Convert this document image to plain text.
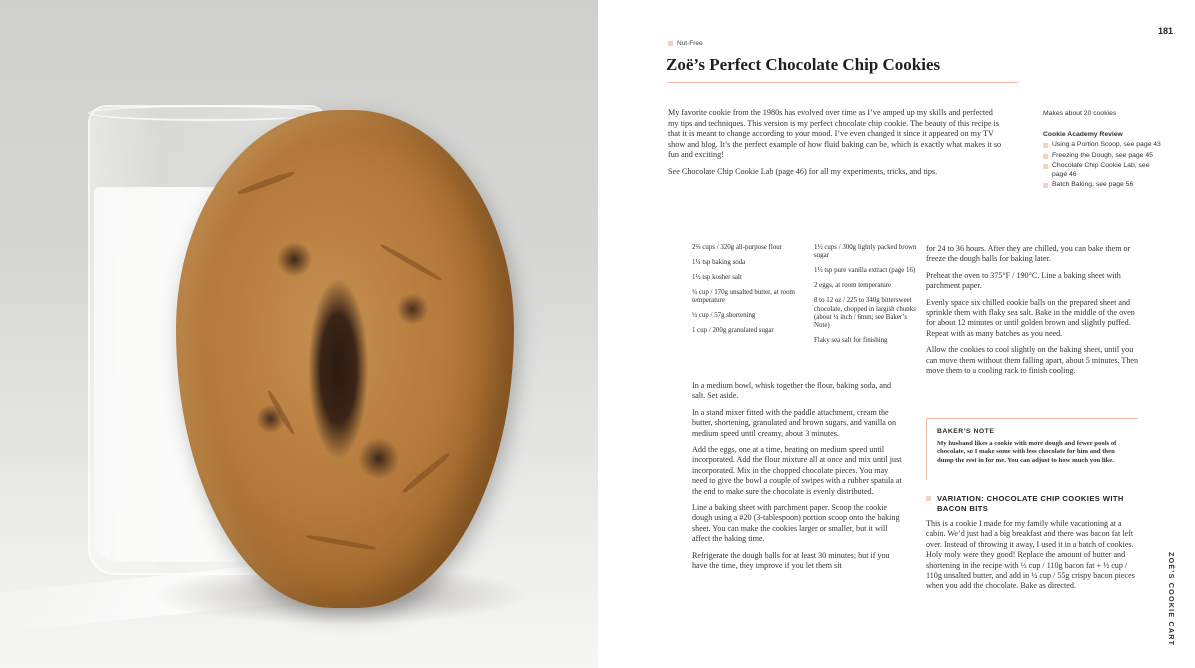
181
Nut-Free
Zoë’s Perfect Chocolate Chip Cookies

My favorite cookie from the 1980s has evolved over time as I’ve amped up my skills and perfected my tips and techniques. This version is my perfect chocolate chip cookie. The beauty of this recipe is that it is meant to change according to your mood. I’ve even changed it since it appeared on my TV show and blog. It’s the perfect example of how fluid baking can be, which is exactly what makes it so fun and exciting!

See Chocolate Chip Cookie Lab (page 46) for all my experiments, tricks, and tips.

Makes about 20 cookies

Cookie Academy Review

Using a Portion Scoop, see page 43
Freezing the Dough, see page 45
Chocolate Chip Cookie Lab, see page 46
Batch Baking, see page 56

2⅔ cups / 320g all-purpose flour

1¼ tsp baking soda

1½ tsp kosher salt

¾ cup / 170g unsalted butter, at room temperature

¼ cup / 57g shortening

1 cup / 200g granulated sugar

1½ cups / 300g lightly packed brown sugar

1½ tsp pure vanilla extract (page 16)

2 eggs, at room temperature

8 to 12 oz / 225 to 340g bittersweet chocolate, chopped in largish chunks (about ¼ inch / 6mm; see Baker’s Note)

Flaky sea salt for finishing

In a medium bowl, whisk together the flour, baking soda, and salt. Set aside.

In a stand mixer fitted with the paddle attachment, cream the butter, shortening, granulated and brown sugars, and vanilla on medium speed until creamy, about 3 minutes.

Add the eggs, one at a time, beating on medium speed until incorporated. Add the flour mixture all at once and mix until just incorporated. Mix in the chopped chocolate pieces. You may need to give the bowl a couple of swipes with a rubber spatula at the end to make sure the chocolate is evenly distributed.

Line a baking sheet with parchment paper. Scoop the cookie dough using a #20 (3-tablespoon) portion scoop onto the baking sheet. You can make the cookies larger or smaller, but it will affect the baking time.

Refrigerate the dough balls for at least 30 minutes; but if you have the time, they improve if you let them sit

for 24 to 36 hours. After they are chilled, you can bake them or freeze the dough balls for baking later.

Preheat the oven to 375°F / 190°C. Line a baking sheet with parchment paper.

Evenly space six chilled cookie balls on the prepared sheet and sprinkle them with flaky sea salt. Bake in the middle of the oven for about 12 minutes or until golden brown and slightly puffed. Repeat with as many batches as you need.

Allow the cookies to cool slightly on the baking sheet, until you can move them without them falling apart, about 5 minutes. Then move them to a cooling rack to finish cooling.

BAKER’S NOTE

My husband likes a cookie with more dough and fewer pools of chocolate, so I make some with less chocolate for him and then dump the rest in for me. You can adjust to how much you like.

VARIATION: CHOCOLATE CHIP COOKIES WITH BACON BITS

This is a cookie I made for my family while vacationing at a cabin. We’d just had a big breakfast and there was bacon fat left over. Instead of throwing it away, I used it in a batch of cookies. Holy moly were they good! Replace the amount of butter and shortening in the recipe with ½ cup / 110g bacon fat + ½ cup / 110g unsalted butter, and add in ¼ cup / 55g crispy bacon pieces when you add the chocolate. Bake as directed.	ZOË’S COOKIE CART
